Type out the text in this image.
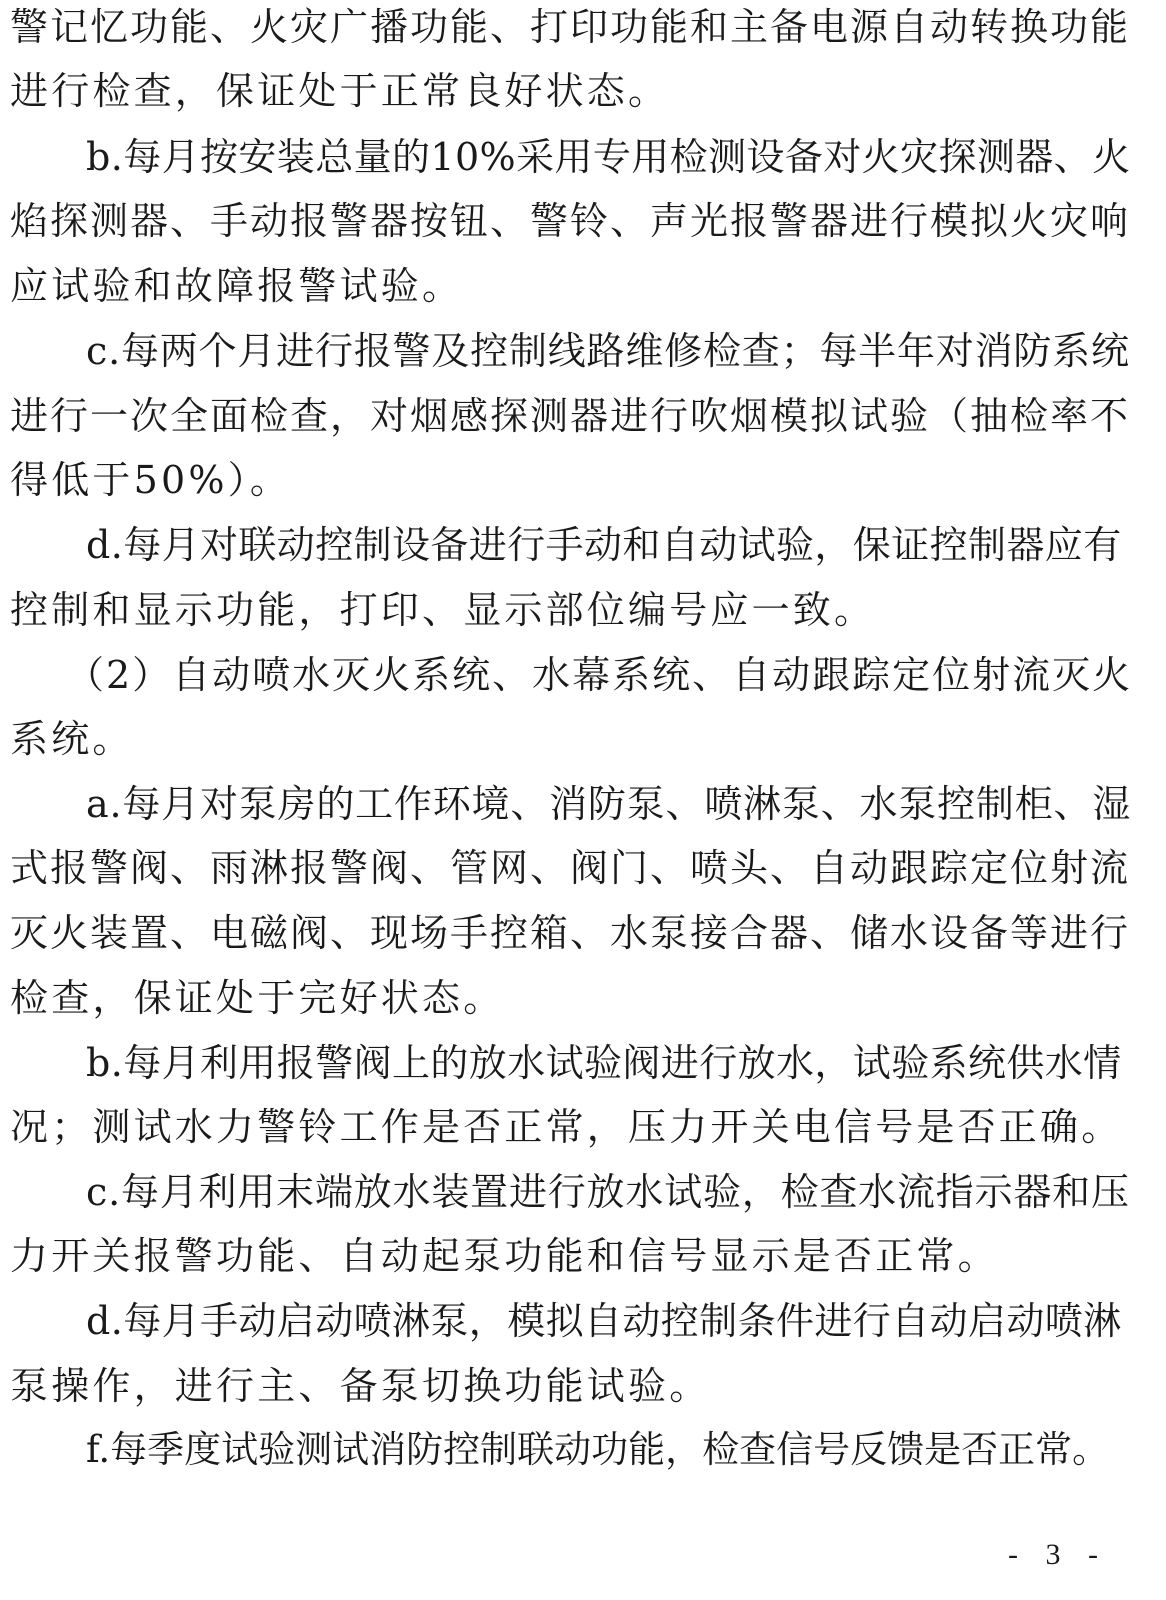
警记忆功能、火灾广播功能、打印功能和主备电源自动转换功能
进行检查，保证处于正常良好状态。
b.每月按安装总量的10%采用专用检测设备对火灾探测器、火
焰探测器、手动报警器按钮、警铃、声光报警器进行模拟火灾响
应试验和故障报警试验。
c.每两个月进行报警及控制线路维修检查；每半年对消防系统
进行一次全面检查，对烟感探测器进行吹烟模拟试验（抽检率不
得低于50%）。
d.每月对联动控制设备进行手动和自动试验，保证控制器应有
控制和显示功能，打印、显示部位编号应一致。
（2）自动喷水灭火系统、水幕系统、自动跟踪定位射流灭火
系统。
a.每月对泵房的工作环境、消防泵、喷淋泵、水泵控制柜、湿
式报警阀、雨淋报警阀、管网、阀门、喷头、自动跟踪定位射流
灭火装置、电磁阀、现场手控箱、水泵接合器、储水设备等进行
检查，保证处于完好状态。
b.每月利用报警阀上的放水试验阀进行放水，试验系统供水情
况；测试水力警铃工作是否正常，压力开关电信号是否正确。
c.每月利用末端放水装置进行放水试验，检查水流指示器和压
力开关报警功能、自动起泵功能和信号显示是否正常。
d.每月手动启动喷淋泵，模拟自动控制条件进行自动启动喷淋
泵操作，进行主、备泵切换功能试验。
f.每季度试验测试消防控制联动功能，检查信号反馈是否正常。
- 3 -
